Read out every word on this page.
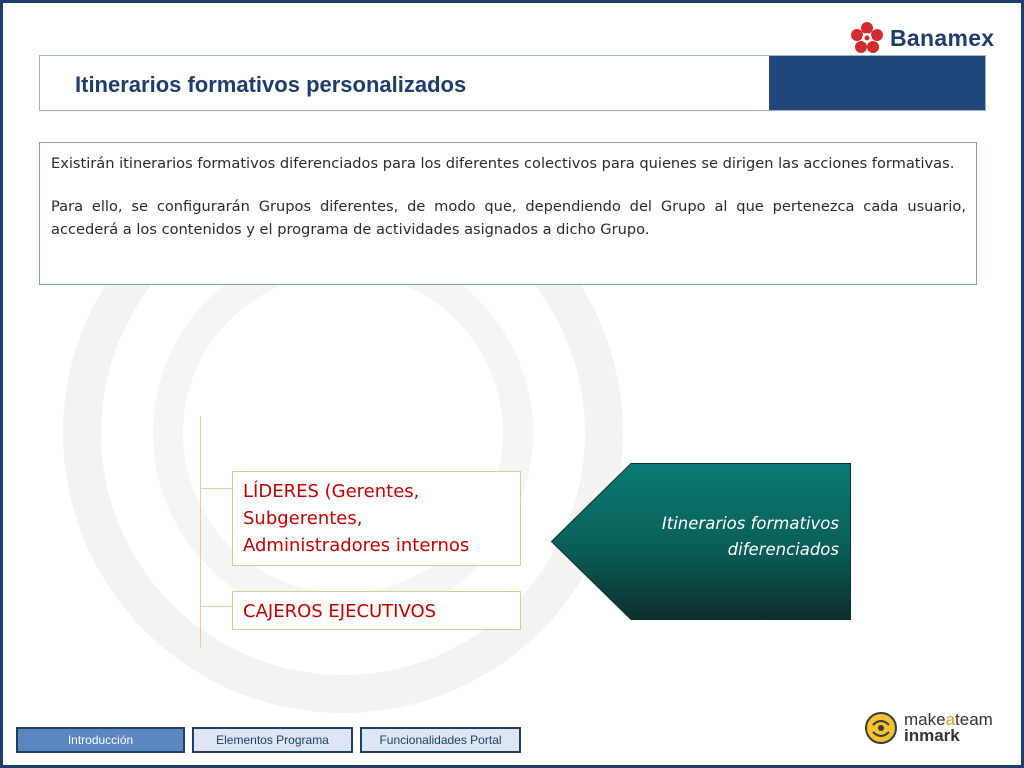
Banamex
Itinerarios formativos personalizados

Existirán itinerarios formativos diferenciados para los diferentes colectivos para quienes se dirigen las acciones formativas.

Para ello, se configurarán Grupos diferentes, de modo que, dependiendo del Grupo al que pertenezca cada usuario, accederá a los contenidos y el programa de actividades asignados a dicho Grupo.

LÍDERES (Gerentes, Subgerentes, Administradores internos
CAJEROS EJECUTIVOS
Itinerarios formativos
diferenciados
Introducción	Elementos Programa	Funcionalidades Portal
makeateam
inmark
